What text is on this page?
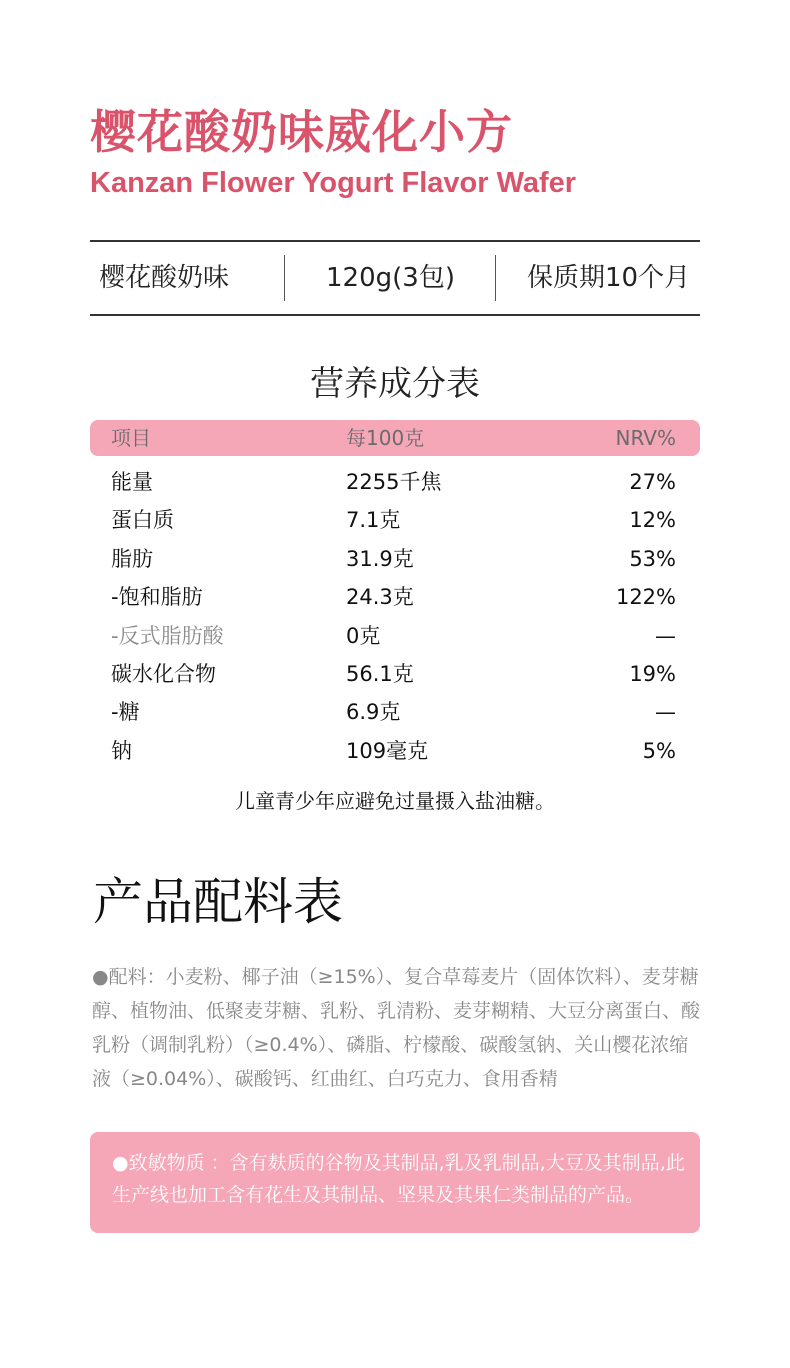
樱花酸奶味威化小方
Kanzan Flower Yogurt Flavor Wafer
樱花酸奶味	120g(3包)	保质期10个月
营养成分表
项目	每100克	NRV%
能量	2255千焦	27%
蛋白质	7.1克	12%
脂肪	31.9克	53%
-饱和脂肪	24.3克	122%
-反式脂肪酸	0克	—
碳水化合物	56.1克	19%
-糖	6.9克	—
钠	109毫克	5%
儿童青少年应避免过量摄入盐油糖。
产品配料表

●配料：小麦粉、椰子油（≥15%）、复合草莓麦片（固体饮料）、麦芽糖醇、植物油、低聚麦芽糖、乳粉、乳清粉、麦芽糊精、大豆分离蛋白、酸乳粉（调制乳粉）（≥0.4%）、磷脂、柠檬酸、碳酸氢钠、关山樱花浓缩液（≥0.04%）、碳酸钙、红曲红、白巧克力、食用香精

●致敏物质 ：含有麸质的谷物及其制品,乳及乳制品,大豆及其制品,此生产线也加工含有花生及其制品、坚果及其果仁类制品的产品。
